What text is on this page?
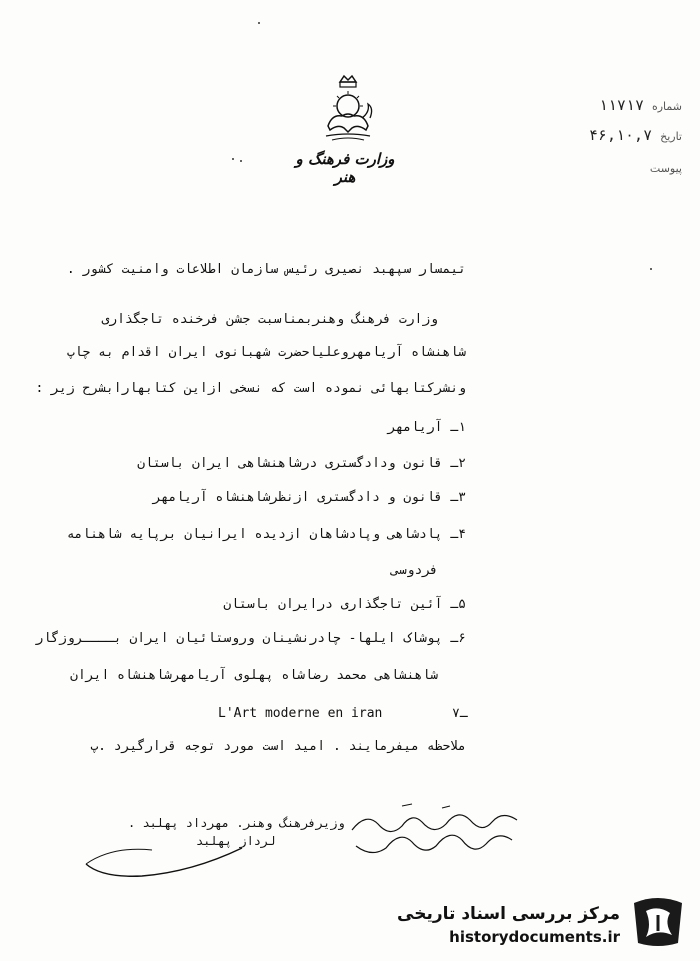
وزارت فرهنگ و هنر
شماره
۱۱۷۱۷
تاریخ
۴۶,۱۰,۷
پیوست
تیمسار سپهبد نصیری رئیس سازمان اطلاعات وامنیت کشور .
وزارت فرهنگ وهنربمناسبت جشن فرخنده تاجگذاری
شاهنشاه آریامهروعلیاحضرت شهبانوی ایران اقدام به چاپ
ونشرکتابهائی نموده است که نسخی ازاین کتابهارابشرح زیر :
۱ـ آریامهر
۲ـ قانون ودادگستری درشاهنشاهی ایران باستان
۳ـ قانون و دادگستری ازنظرشاهنشاه آریامهر
۴ـ پادشاهی وپادشاهان ازدیده ایرانیان برپایه شاهنامه
فردوسی
۵ـ آئین تاجگذاری درایران باستان
۶ـ پوشاک ایلها- چادرنشینان وروستائیان ایران بــــروزگار
شاهنشاهی محمد رضاشاه پهلوی آریامهرشاهنشاه ایران
L'Art moderne en iran	ـ۷
ملاحظه میفرمایند . امید است مورد توجه قرارگیرد .پ
وزیرفرهنگ وهنر. مهرداد پهلبد .
لرداز پهلبد
مرکز بررسی اسناد تاریخی
historydocuments.ir
